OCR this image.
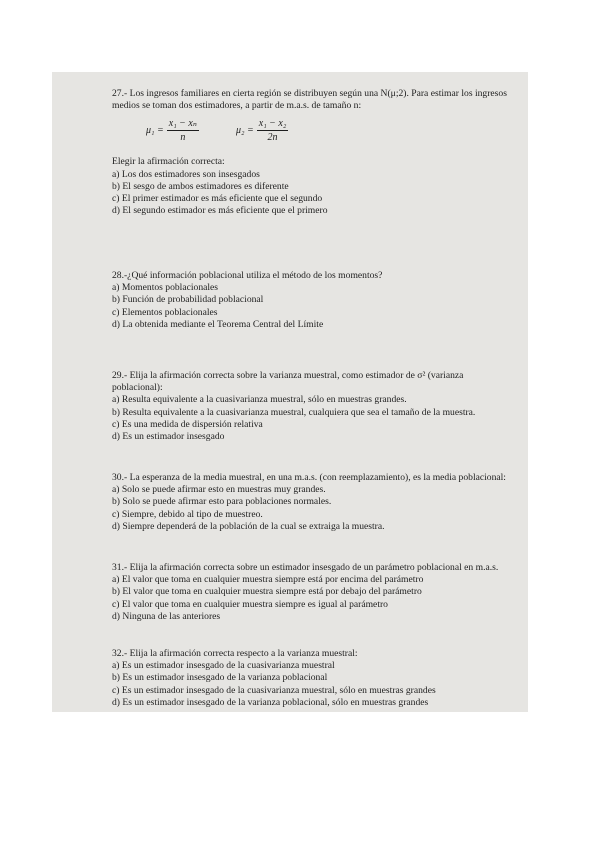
27.- Los ingresos familiares en cierta región se distribuyen según una N(μ;2). Para estimar los ingresos medios se toman dos estimadores, a partir de m.a.s. de tamaño n:

$\mu_1 = \frac{\text{x₁ − xₙ}}{n}$	$\mu_2 = \frac{\text{x₁ − x₂}}{2n}$

Elegir la afirmación correcta:

a) Los dos estimadores son insesgados

b) El sesgo de ambos estimadores es diferente

c) El primer estimador es más eficiente que el segundo

d) El segundo estimador es más eficiente que el primero

28.-¿Qué información poblacional utiliza el método de los momentos?

a) Momentos poblacionales

b) Función de probabilidad poblacional

c) Elementos poblacionales

d) La obtenida mediante el Teorema Central del Límite

29.- Elija la afirmación correcta sobre la varianza muestral, como estimador de σ² (varianza poblacional):

a) Resulta equivalente a la cuasivarianza muestral, sólo en muestras grandes.

b) Resulta equivalente a la cuasivarianza muestral, cualquiera que sea el tamaño de la muestra.

c) Es una medida de dispersión relativa

d) Es un estimador insesgado

30.- La esperanza de la media muestral, en una m.a.s. (con reemplazamiento), es la media poblacional:

a) Solo se puede afirmar esto en muestras muy grandes.

b) Solo se puede afirmar esto para poblaciones normales.

c) Siempre, debido al tipo de muestreo.

d) Siempre dependerá de la población de la cual se extraiga la muestra.

31.- Elija la afirmación correcta sobre un estimador insesgado de un parámetro poblacional en m.a.s.

a) El valor que toma en cualquier muestra siempre está por encima del parámetro

b) El valor que toma en cualquier muestra siempre está por debajo del parámetro

c) El valor que toma en cualquier muestra siempre es igual al parámetro

d) Ninguna de las anteriores

32.- Elija la afirmación correcta respecto a la varianza muestral:

a) Es un estimador insesgado de la cuasivarianza muestral

b) Es un estimador insesgado de la varianza poblacional

c) Es un estimador insesgado de la cuasivarianza muestral, sólo en muestras grandes

d) Es un estimador insesgado de la varianza poblacional, sólo en muestras grandes
